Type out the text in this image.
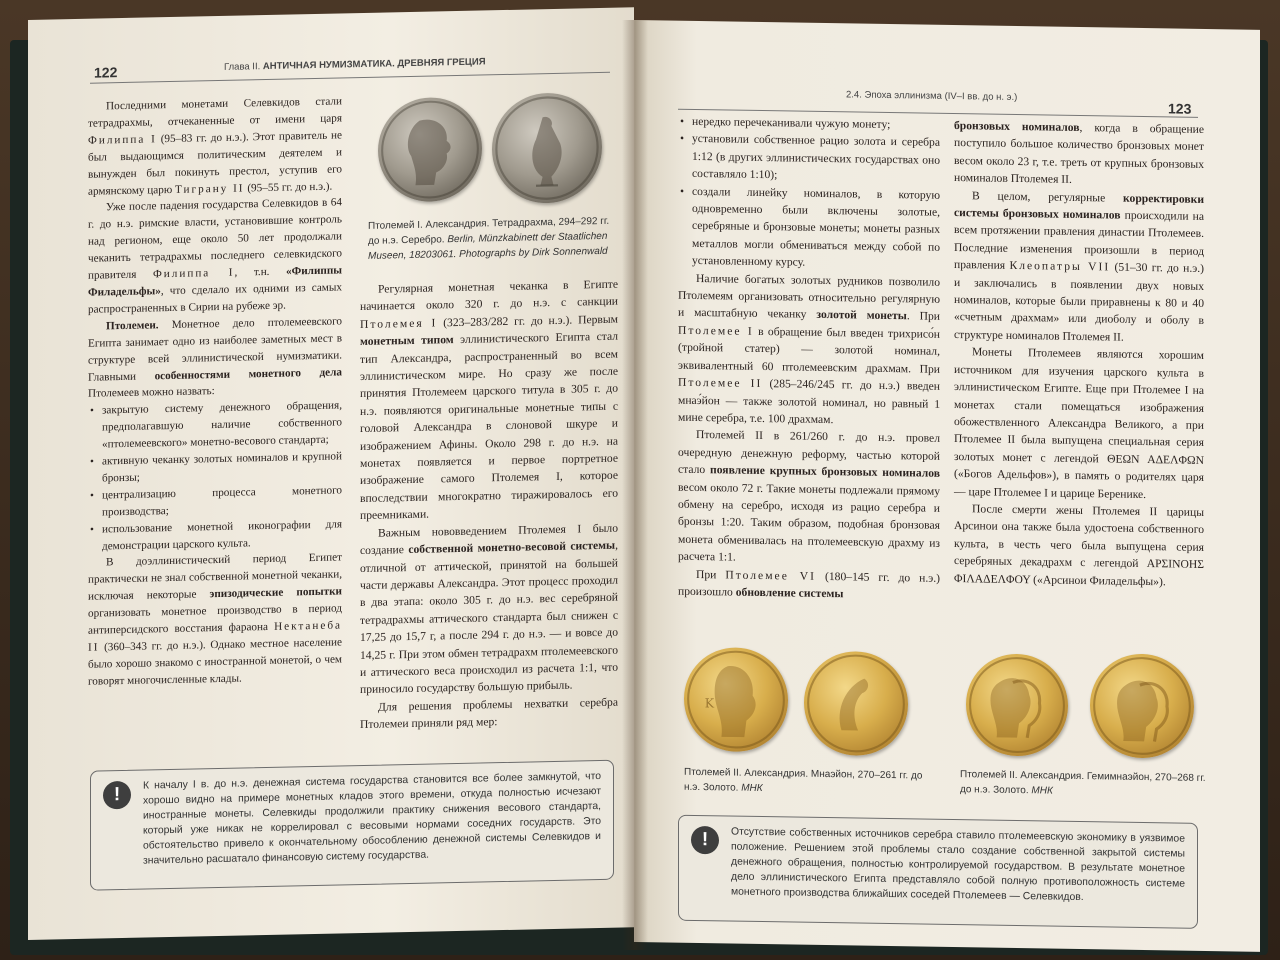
122	Глава II. АНТИЧНАЯ НУМИЗМАТИКА. ДРЕВНЯЯ ГРЕЦИЯ

Последними монетами Селевкидов стали тетрадрахмы, отчеканенные от имени царя Филиппа I (95–83 гг. до н.э.). Этот правитель не был выдающимся политическим деятелем и вынужден был покинуть престол, уступив его армянскому царю Тиграну II (95–55 гг. до н.э.).

Уже после падения государства Селевкидов в 64 г. до н.э. римские власти, установившие контроль над регионом, еще около 50 лет продолжали чеканить тетрадрахмы последнего селевкидского правителя Филиппа I, т.н. «Филиппы Филадельфы», что сделало их одними из самых распространенных в Сирии на рубеже эр.

Птолемеи. Монетное дело птолемеевского Египта занимает одно из наиболее заметных мест в структуре всей эллинистической нумизматики. Главными особенностями монетного дела Птолемеев можно назвать:

• закрытую систему денежного обращения, предполагавшую наличие собственного «птолемеевского» монетно-весового стандарта;
• активную чеканку золотых номиналов и крупной бронзы;
• централизацию процесса монетного производства;
• использование монетной иконографии для демонстрации царского культа.

В доэллинистический период Египет практически не знал собственной монетной чеканки, исключая некоторые эпизодические попытки организовать монетное производство в период антиперсидского восстания фараона Нектанеба II (360–343 гг. до н.э.). Однако местное население было хорошо знакомо с иностранной монетой, о чем говорят многочисленные клады.

Птолемей I. Александрия. Тетрадрахма, 294–292 гг. до н.э. Серебро. Berlin, Münzkabinett der Staatlichen Museen, 18203061. Photographs by Dirk Sonnenwald

Регулярная монетная чеканка в Египте начинается около 320 г. до н.э. с санкции Птолемея I (323–283/282 гг. до н.э.). Первым монетным типом эллинистического Египта стал тип Александра, распространенный во всем эллинистическом мире. Но сразу же после принятия Птолемеем царского титула в 305 г. до н.э. появляются оригинальные монетные типы с головой Александра в слоновой шкуре и изображением Афины. Около 298 г. до н.э. на монетах появляется и первое портретное изображение самого Птолемея I, которое впоследствии многократно тиражировалось его преемниками.

Важным нововведением Птолемея I было создание собственной монетно-весовой системы, отличной от аттической, принятой на большей части державы Александра. Этот процесс проходил в два этапа: около 305 г. до н.э. вес серебряной тетрадрахмы аттического стандарта был снижен с 17,25 до 15,7 г, а после 294 г. до н.э. — и вовсе до 14,25 г. При этом обмен тетрадрахм птолемеевского и аттического веса происходил из расчета 1:1, что приносило государству большую прибыль.

Для решения проблемы нехватки серебра Птолемеи приняли ряд мер:

!
К началу I в. до н.э. денежная система государства становится все более замкнутой, что хорошо видно на примере монетных кладов этого времени, откуда полностью исчезают иностранные монеты. Селевкиды продолжили практику снижения весового стандарта, который уже никак не коррелировал с весовыми нормами соседних государств. Это обстоятельство привело к окончательному обособлению денежной системы Селевкидов и значительно расшатало финансовую систему государства.
2.4. Эпоха эллинизма (IV–I вв. до н. э.)
123
• нередко перечеканивали чужую монету;
• установили собственное рацио золота и серебра 1:12 (в других эллинистических государствах оно составляло 1:10);
• создали линейку номиналов, в которую одновременно были включены золотые, серебряные и бронзовые монеты; монеты разных металлов могли обмениваться между собой по установленному курсу.

Наличие богатых золотых рудников позволило Птолемеям организовать относительно регулярную и масштабную чеканку золотой монеты. При Птолемее I в обращение был введен трихрисо́н (тройной статер) — золотой номинал, эквивалентный 60 птолемеевским драхмам. При Птолемее II (285–246/245 гг. до н.э.) введен мнаэ́йон — также золотой номинал, но равный 1 мине серебра, т.е. 100 драхмам.

Птолемей II в 261/260 г. до н.э. провел очередную денежную реформу, частью которой стало появление крупных бронзовых номиналов весом около 72 г. Такие монеты подлежали прямому обмену на серебро, исходя из рацио серебра и бронзы 1:20. Таким образом, подобная бронзовая монета обменивалась на птолемеевскую драхму из расчета 1:1.

При Птолемее VI (180–145 гг. до н.э.) произошло обновление системы

бронзовых номиналов, когда в обращение поступило большое количество бронзовых монет весом около 23 г, т.е. треть от крупных бронзовых номиналов Птолемея II.

В целом, регулярные корректировки системы бронзовых номиналов происходили на всем протяжении правления династии Птолемеев. Последние изменения произошли в период правления Клеопатры VII (51–30 гг. до н.э.) и заключались в появлении двух новых номиналов, которые были приравнены к 80 и 40 «счетным драхмам» или диоболу и оболу в структуре номиналов Птолемея II.

Монеты Птолемеев являются хорошим источником для изучения царского культа в эллинистическом Египте. Еще при Птолемее I на монетах стали помещаться изображения обожествленного Александра Великого, а при Птолемее II была выпущена специальная серия золотых монет с легендой ΘΕΩΝ ΑΔΕΛΦΩΝ («Богов Адельфов»), в память о родителях царя — царе Птолемее I и царице Беренике.

После смерти жены Птолемея II царицы Арсинои она также была удостоена собственного культа, в честь чего была выпущена серия серебряных декадрахм с легендой ΑΡΣΙΝΟΗΣ ΦΙΛΑΔΕΛΦΟΥ («Арсинои Филадельфы»).

K
Птолемей II. Александрия. Мнаэйон, 270–261 гг. до н.э. Золото. МНК
Птолемей II. Александрия. Гемимнаэйон, 270–268 гг. до н.э. Золото. МНК
!	Отсутствие собственных источников серебра ставило птолемеевскую экономику в уязвимое положение. Решением этой проблемы стало создание собственной закрытой системы денежного обращения, полностью контролируемой государством. В результате монетное дело эллинистического Египта представляло собой полную противоположность системе монетного производства ближайших соседей Птолемеев — Селевкидов.
